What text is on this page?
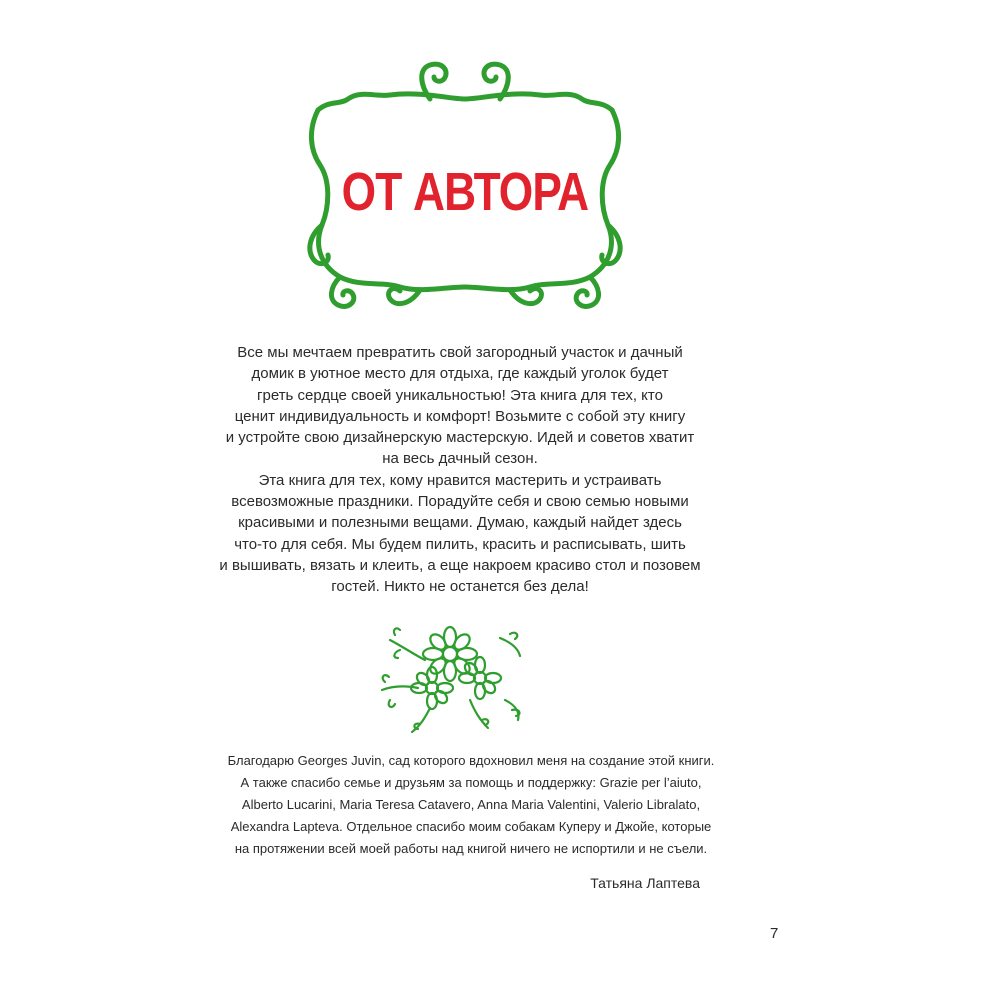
ОТ АВТОРА

Все мы мечтаем превратить свой загородный участок и дачный

домик в уютное место для отдыха, где каждый уголок будет

греть сердце своей уникальностью! Эта книга для тех, кто

ценит индивидуальность и комфорт! Возьмите с собой эту книгу

и устройте свою дизайнерскую мастерскую. Идей и советов хватит

на весь дачный сезон.

Эта книга для тех, кому нравится мастерить и устраивать

всевозможные праздники. Порадуйте себя и свою семью новыми

красивыми и полезными вещами. Думаю, каждый найдет здесь

что-то для себя. Мы будем пилить, красить и расписывать, шить

и вышивать, вязать и клеить, а еще накроем красиво стол и позовем

гостей. Никто не останется без дела!

Благодарю Georges Juvin, сад которого вдохновил меня на создание этой книги.

А также спасибо семье и друзьям за помощь и поддержку: Grazie per l’aiuto,

Alberto Lucarini, Maria Teresa Catavero, Anna Maria Valentini, Valerio Libralato,

Alexandra Lapteva. Отдельное спасибо моим собакам Куперу и Джойе, которые

на протяжении всей моей работы над книгой ничего не испортили и не съели.

Татьяна Лаптева
7
